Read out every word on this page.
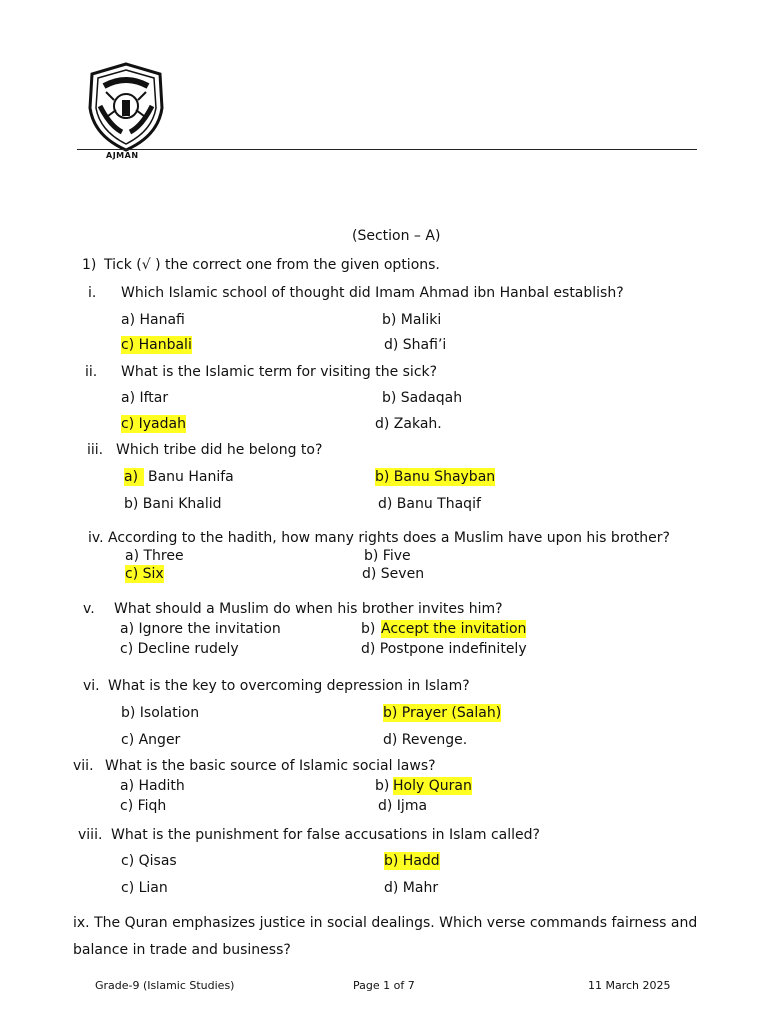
AJMAN
(Section – A)
1) Tick (√ ) the correct one from the given options.
i. Which Islamic school of thought did Imam Ahmad ibn Hanbal establish?
a) Hanafi	b) Maliki
c) Hanbali	d) Shafi’i
ii. What is the Islamic term for visiting the sick?
a) Iftar	b) Sadaqah
c) Iyadah	d) Zakah.
iii. Which tribe did he belong to?
a) Banu Hanifa	b) Banu Shayban
b) Bani Khalid	d) Banu Thaqif
iv. According to the hadith, how many rights does a Muslim have upon his brother?
a) Three	b) Five
c) Six	d) Seven
v. What should a Muslim do when his brother invites him?
a) Ignore the invitation	b) Accept the invitation
c) Decline rudely	d) Postpone indefinitely
vi. What is the key to overcoming depression in Islam?
b) Isolation	b) Prayer (Salah)
c) Anger	d) Revenge.
vii. What is the basic source of Islamic social laws?
a) Hadith	b) Holy Quran
c) Fiqh	d) Ijma
viii. What is the punishment for false accusations in Islam called?
c) Qisas	b) Hadd
c) Lian	d) Mahr
ix. The Quran emphasizes justice in social dealings. Which verse commands fairness and
balance in trade and business?
Grade-9 (Islamic Studies)	Page 1 of 7	11 March 2025
